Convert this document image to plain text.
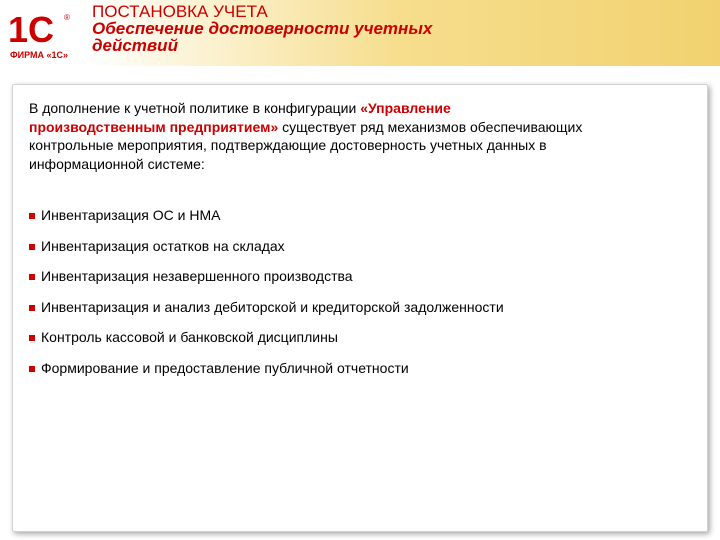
1С ®
ФИРМА «1С»
ПОСТАНОВКА УЧЕТА
Обеспечение достоверности учетных
действий
В дополнение к учетной политике в конфигурации «Управление производственным предприятием» существует ряд механизмов обеспечивающих контрольные мероприятия, подтверждающие достоверность учетных данных в информационной системе:
Инвентаризация ОС и НМА
Инвентаризация остатков на складах
Инвентаризация незавершенного производства
Инвентаризация и анализ дебиторской и кредиторской задолженности
Контроль кассовой и банковской дисциплины
Формирование и предоставление публичной отчетности
